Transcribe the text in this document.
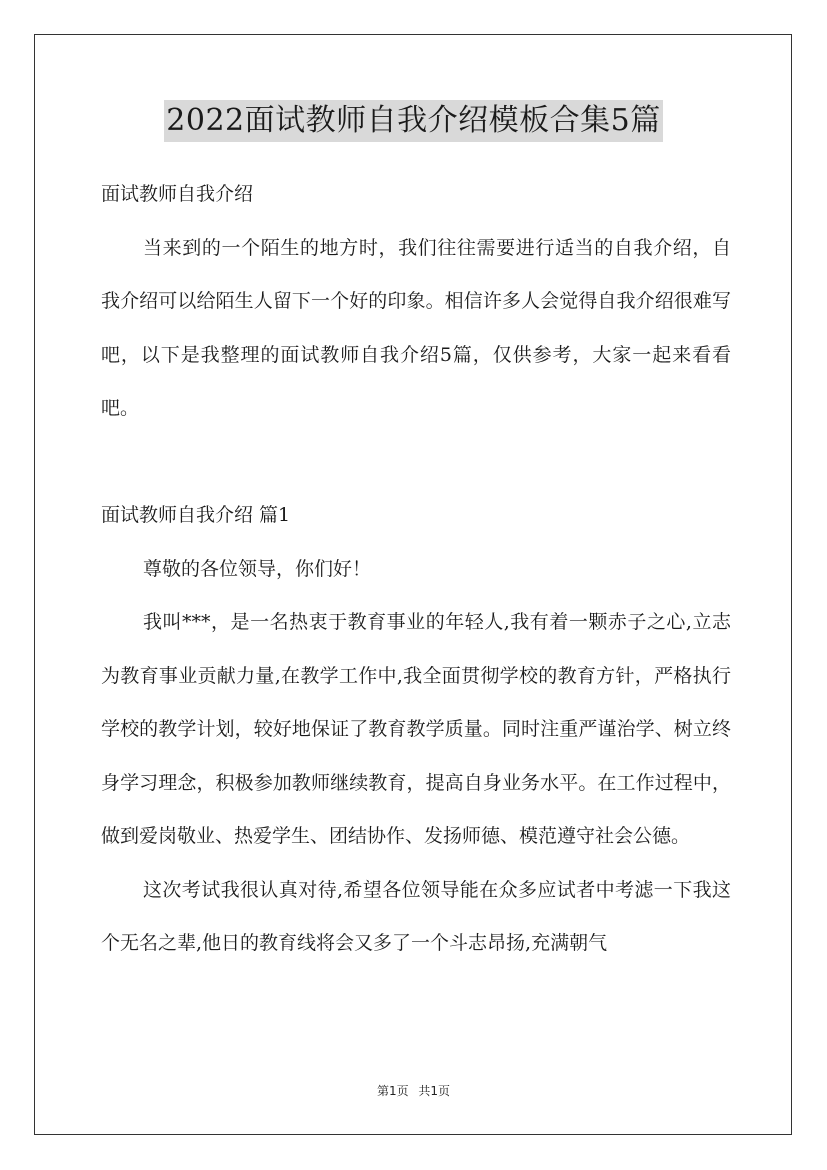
2022面试教师自我介绍模板合集5篇

面试教师自我介绍

当来到的一个陌生的地方时，我们往往需要进行适当的自我介绍，自我介绍可以给陌生人留下一个好的印象。相信许多人会觉得自我介绍很难写吧，以下是我整理的面试教师自我介绍5篇，仅供参考，大家一起来看看吧。

面试教师自我介绍 篇1

尊敬的各位领导，你们好！

我叫***，是一名热衷于教育事业的年轻人,我有着一颗赤子之心,立志为教育事业贡献力量,在教学工作中,我全面贯彻学校的教育方针，严格执行学校的教学计划，较好地保证了教育教学质量。同时注重严谨治学、树立终身学习理念，积极参加教师继续教育，提高自身业务水平。在工作过程中，做到爱岗敬业、热爱学生、团结协作、发扬师德、模范遵守社会公德。

这次考试我很认真对待,希望各位领导能在众多应试者中考滤一下我这个无名之辈,他日的教育线将会又多了一个斗志昂扬,充满朝气

第1页 共1页
